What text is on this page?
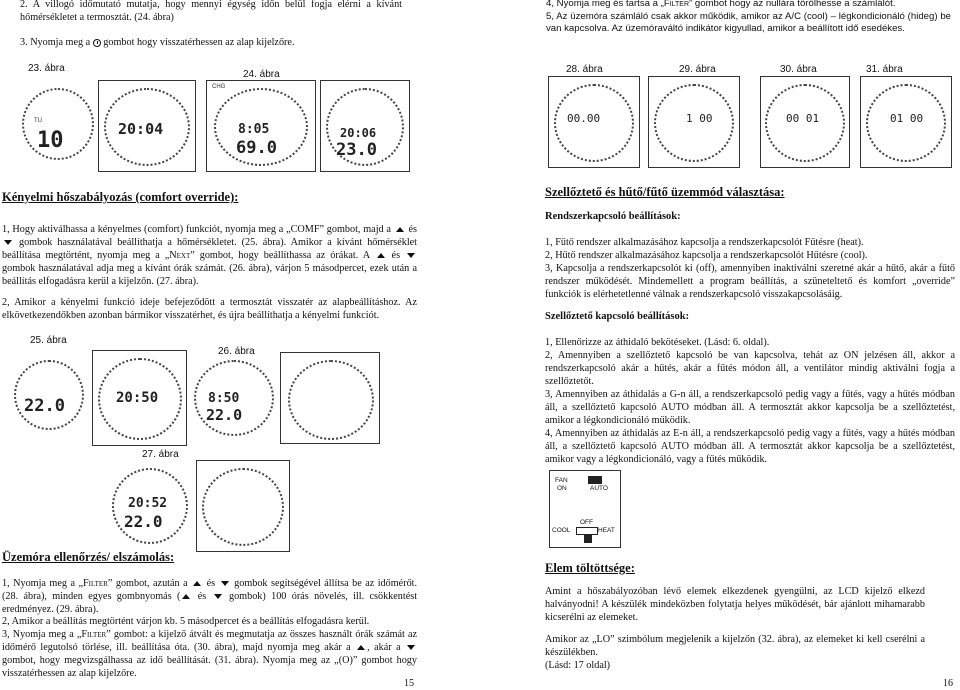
2. A villogó időmutató mutatja, hogy mennyi égység időn belül fogja elérni a kívánt hőmérsékletet a termosztát. (24. ábra)
3. Nyomja meg a gombot hogy visszatérhessen az alap kijelzőre.
4, Nyomja meg és tartsa a „Filter” gombot hogy az nullára törölhesse a számlálót.
5, Az üzemóra számláló csak akkor működik, amikor az A/C (cool) – légkondicionáló (hideg) be van kapcsolva. Az üzemóraváltó indikátor kigyullad, amikor a beállított idő esedékes.
23. ábra
24. ábra
10
TU	20:04	8:05
69.0
CHG
20:06
23.0
28. ábra	29. ábra	30. ábra	31. ábra
00.00	1 00	00 01	01 00
Kényelmi hőszabályozás (comfort override):
1, Hogy aktiválhassa a kényelmes (comfort) funkciót, nyomja meg a „COMF” gombot, majd a és  gombok használatával beállíthatja a hőmérsékletet. (25. ábra). Amikor a kívánt hőmérséklet beállítása megtörtént, nyomja meg a „Next” gombot, hogy beállíthassa az órákat. A és  gombok használatával adja meg a kívánt órák számát. (26. ábra), várjon 5 másodpercet, ezek után a beállítás elfogadásra kerül a kijelzőn. (27. ábra).
2, Amikor a kényelmi funkció ideje befejeződött a termosztát visszatér az alapbeállításhoz. Az elkövetkezendőkben azonban bármikor visszatérhet, és újra beállíthatja a kényelmi funkciót.
25. ábra
26. ábra
27. ábra
22.0	20:50	8:50
22.0
20:52
22.0
Üzemóra ellenőrzés/ elszámolás:
1, Nyomja meg a „Filter” gombot, azután a és gombok segítségével állítsa be az időmérőt. (28. ábra), minden egyes gombnyomás ( és gombok) 100 órás növelés, ill. csökkentést eredményez. (29. ábra).
2, Amikor a beállítás megtörtént várjon kb. 5 másodpercet és a beállítás elfogadásra kerül.
3, Nyomja meg a „Filter” gombot: a kijelző átvált és megmutatja az összes használt órák számát az időmérő legutolsó törlése, ill. beállítása óta. (30. ábra), majd nyomja meg akár a , akár a  gombot, hogy megvizsgálhassa az idő beállítását. (31. ábra). Nyomja meg az „(O)” gombot hogy visszatérhessen az alap kijelzőre.
15
Szellőztető és hűtő/fűtő üzemmód választása:
Rendszerkapcsoló beállítások:
1, Fűtő rendszer alkalmazásához kapcsolja a rendszerkapcsolót Fűtésre (heat).
2, Hűtő rendszer alkalmazásához kapcsolja a rendszerkapcsolót Hűtésre (cool).
3, Kapcsolja a rendszerkapcsolót ki (off), amennyiben inaktiválni szeretné akár a hűtő, akár a fűtő rendszer működését. Mindemellett a program beállítás, a szüneteltető és komfort „override” funkciók is elérhetetlenné válnak a rendszerkapcsoló visszakapcsolásáig.
Szellőztető kapcsoló beállítások:
1, Ellenőrizze az áthidaló bekötéseket. (Lásd: 6. oldal).
2, Amennyiben a szellőztető kapcsoló be van kapcsolva, tehát az ON jelzésen áll, akkor a rendszerkapcsoló akár a hűtés, akár a fűtés módon áll, a ventilátor mindig aktiválni fogja a szellőztetőt.
3, Amennyiben az áthidalás a G-n áll, a rendszerkapcsoló pedig vagy a fűtés, vagy a hűtés módban áll, a szellőztető kapcsoló AUTO módban áll. A termosztát akkor kapcsolja be a szellőztetést, amikor a légkondicionáló működik.
4, Amennyiben az áthidalás az E-n áll, a rendszerkapcsoló pedig vagy a fűtés, vagy a hűtés módban áll, a szellőztető kapcsoló AUTO módban áll. A termosztát akkor kapcsolja be a szellőztetést, amikor vagy a légkondicionáló, vagy a fűtés működik.
FAN
ON	AUTO
OFF
COOL	HEAT
Elem töltöttsége:
Amint a hőszabályozóban lévő elemek elkezdenek gyengülni, az LCD kijelző elkezd halványodni! A készülék mindeközben folytatja helyes működését, bár ajánlott mihamarabb kicserélni az elemeket.
Amikor az „LO” szimbólum megjelenik a kijelzőn (32. ábra), az elemeket ki kell cserélni a készülékben.
(Lásd: 17 oldal)
16
